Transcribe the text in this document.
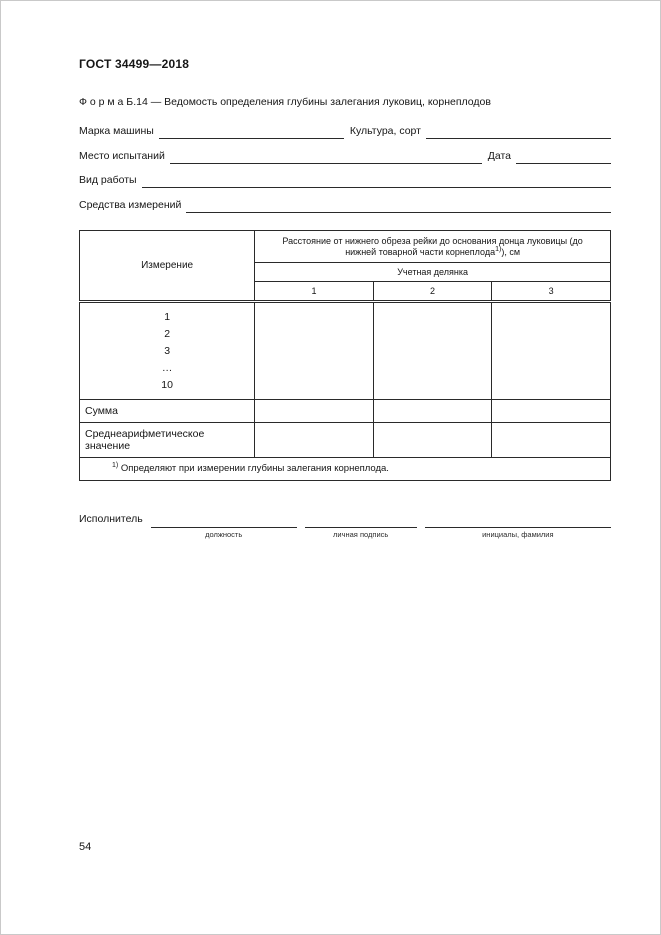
ГОСТ 34499—2018
Ф о р м а Б.14 — Ведомость определения глубины залегания луковиц, корнеплодов
Марка машины	Культура, сорт
Место испытаний	Дата
Вид работы
Средства измерений
Измерение	Расстояние от нижнего обреза рейки до основания донца луковицы (до нижней товарной части корнеплода$^{1)}$), см		
	Учетная делянка		
	1	2	3

1
2
3
…
10			

Сумма			
Среднеарифметическое значение			
$^{1)}$ Определяют при измерении глубины залегания корнеплода.			
Исполнитель
должность	личная подпись	инициалы, фамилия
54
